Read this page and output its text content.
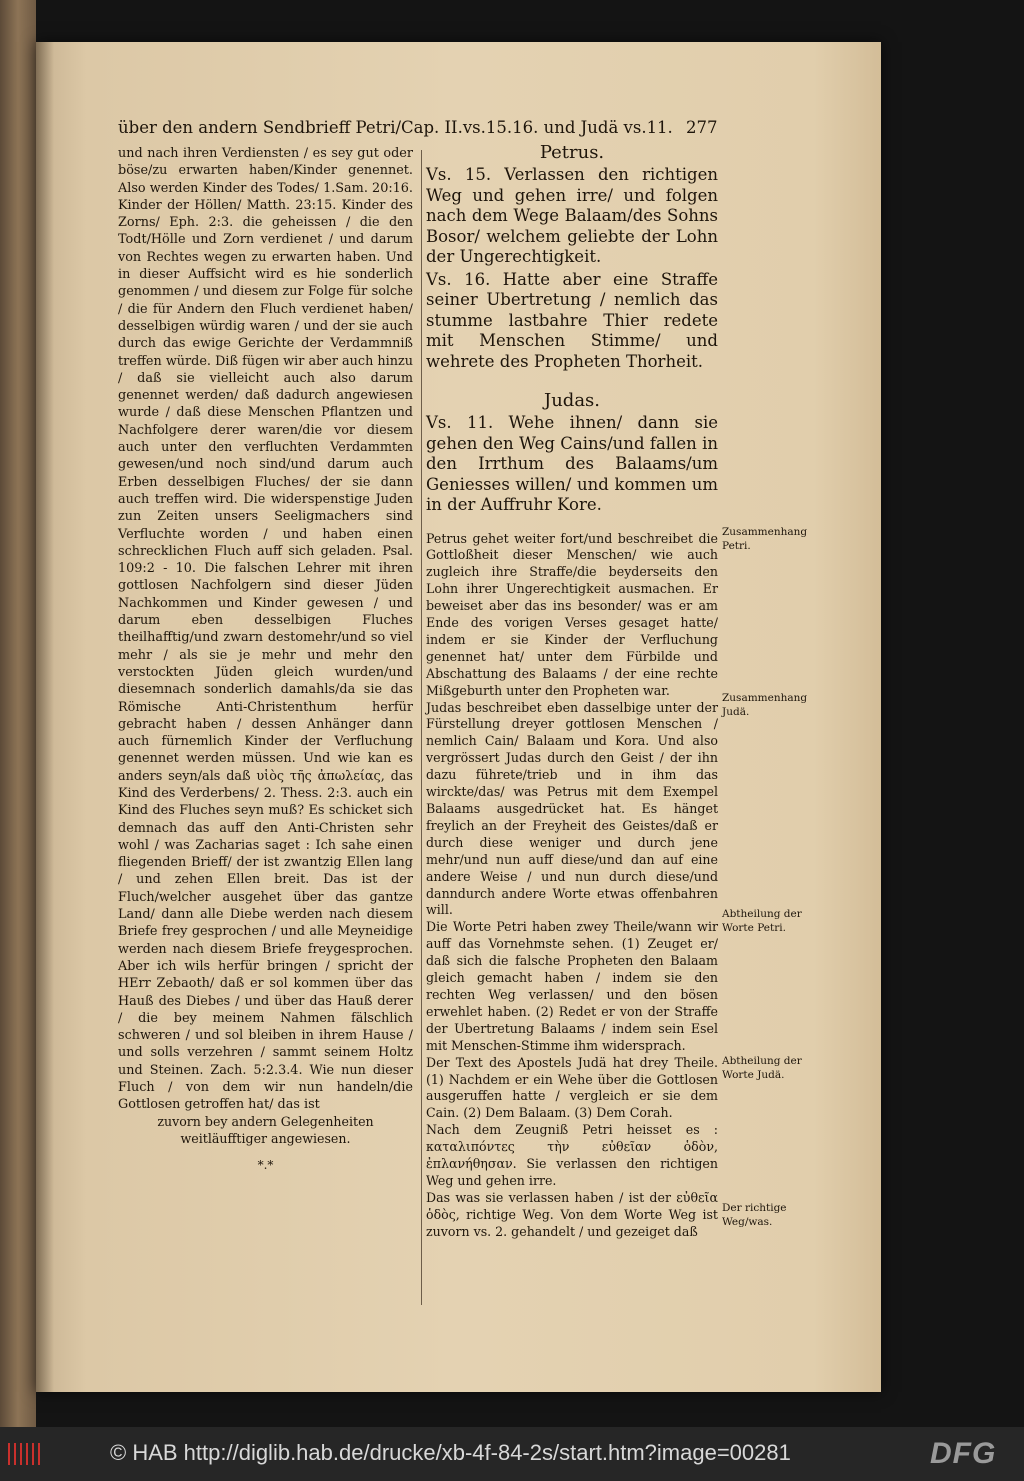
über den andern Sendbrieff Petri/Cap. II.vs.15.16. und Judä vs.11. 277

und nach ihren Verdiensten / es sey gut oder böse/zu erwarten haben/Kinder genennet. Also werden Kinder des Todes/ 1.Sam. 20:16. Kinder der Höllen/ Matth. 23:15. Kinder des Zorns/ Eph. 2:3. die geheissen / die den Todt/Hölle und Zorn verdienet / und darum von Rechtes wegen zu erwarten haben. Und in dieser Auffsicht wird es hie sonderlich genommen / und diesem zur Folge für solche / die für Andern den Fluch verdienet haben/ desselbigen würdig waren / und der sie auch durch das ewige Gerichte der Verdammniß treffen würde. Diß fügen wir aber auch hinzu / daß sie vielleicht auch also darum genennet werden/ daß dadurch angewiesen wurde / daß diese Menschen Pflantzen und Nachfolgere derer waren/die vor diesem auch unter den verfluchten Verdammten gewesen/und noch sind/und darum auch Erben desselbigen Fluches/ der sie dann auch treffen wird. Die widerspenstige Juden zun Zeiten unsers Seeligmachers sind Verfluchte worden / und haben einen schrecklichen Fluch auff sich geladen. Psal. 109:2 - 10. Die falschen Lehrer mit ihren gottlosen Nachfolgern sind dieser Jüden Nachkommen und Kinder gewesen / und darum eben desselbigen Fluches theilhafftig/und zwarn destomehr/und so viel mehr / als sie je mehr und mehr den verstockten Jüden gleich wurden/und diesemnach sonderlich damahls/da sie das Römische Anti-Christenthum herfür gebracht haben / dessen Anhänger dann auch fürnemlich Kinder der Verfluchung genennet werden müssen. Und wie kan es anders seyn/als daß υἱὸς τῆς ἀπωλείας, das Kind des Verderbens/ 2. Thess. 2:3. auch ein Kind des Fluches seyn muß? Es schicket sich demnach das auff den Anti-Christen sehr wohl / was Zacharias saget : Ich sahe einen fliegenden Brieff/ der ist zwantzig Ellen lang / und zehen Ellen breit. Das ist der Fluch/welcher ausgehet über das gantze Land/ dann alle Diebe werden nach diesem Briefe frey gesprochen / und alle Meyneidige werden nach diesem Briefe freygesprochen. Aber ich wils herfür bringen / spricht der HErr Zebaoth/ daß er sol kommen über das Hauß des Diebes / und über das Hauß derer / die bey meinem Nahmen fälschlich schweren / und sol bleiben in ihrem Hause / und solls verzehren / sammt seinem Holtz und Steinen. Zach. 5:2.3.4. Wie nun dieser Fluch / von dem wir nun handeln/die Gottlosen getroffen hat/ das ist

zuvorn bey andern Gelegenheiten weitläufftiger angewiesen.

*.*

Petrus.

Vs. 15. Verlassen den richtigen Weg und gehen irre/ und folgen nach dem Wege Balaam/des Sohns Bosor/ welchem geliebte der Lohn der Ungerechtigkeit.

Vs. 16. Hatte aber eine Straffe seiner Ubertretung / nemlich das stumme lastbahre Thier redete mit Menschen Stimme/ und wehrete des Propheten Thorheit.

Judas.

Vs. 11. Wehe ihnen/ dann sie gehen den Weg Cains/und fallen in den Irrthum des Balaams/um Geniesses willen/ und kommen um in der Auffruhr Kore.

Petrus gehet weiter fort/und beschreibet die Gottloßheit dieser Menschen/ wie auch zugleich ihre Straffe/die beyderseits den Lohn ihrer Ungerechtigkeit ausmachen. Er beweiset aber das ins besonder/ was er am Ende des vorigen Verses gesaget hatte/ indem er sie Kinder der Verfluchung genennet hat/ unter dem Fürbilde und Abschattung des Balaams / der eine rechte Mißgeburth unter den Propheten war.

Judas beschreibet eben dasselbige unter der Fürstellung dreyer gottlosen Menschen / nemlich Cain/ Balaam und Kora. Und also vergrössert Judas durch den Geist / der ihn dazu führete/trieb und in ihm das wirckte/das/ was Petrus mit dem Exempel Balaams ausgedrücket hat. Es hänget freylich an der Freyheit des Geistes/daß er durch diese weniger und durch jene mehr/und nun auff diese/und dan auf eine andere Weise / und nun durch diese/und danndurch andere Worte etwas offenbahren will.

Die Worte Petri haben zwey Theile/wann wir auff das Vornehmste sehen. (1) Zeuget er/ daß sich die falsche Propheten den Balaam gleich gemacht haben / indem sie den rechten Weg verlassen/ und den bösen erwehlet haben. (2) Redet er von der Straffe der Ubertretung Balaams / indem sein Esel mit Menschen-Stimme ihm widersprach.

Der Text des Apostels Judä hat drey Theile. (1) Nachdem er ein Wehe über die Gottlosen ausgeruffen hatte / vergleich er sie dem Cain. (2) Dem Balaam. (3) Dem Corah.

Nach dem Zeugniß Petri heisset es : καταλιπόντες τὴν εὐθεῖαν ὁδὸν, ἐπλανήθησαν. Sie verlassen den richtigen Weg und gehen irre.

Das was sie verlassen haben / ist der εὐθεῖα ὁδὸς, richtige Weg. Von dem Worte Weg ist zuvorn vs. 2. gehandelt / und gezeiget daß

Zusammenhang Petri.

Zusammenhang Judä.

Abtheilung der Worte Petri.

Abtheilung der Worte Judä.

Der richtige Weg/was.

© HAB http://diglib.hab.de/drucke/xb-4f-84-2s/start.htm?image=00281	DFG
